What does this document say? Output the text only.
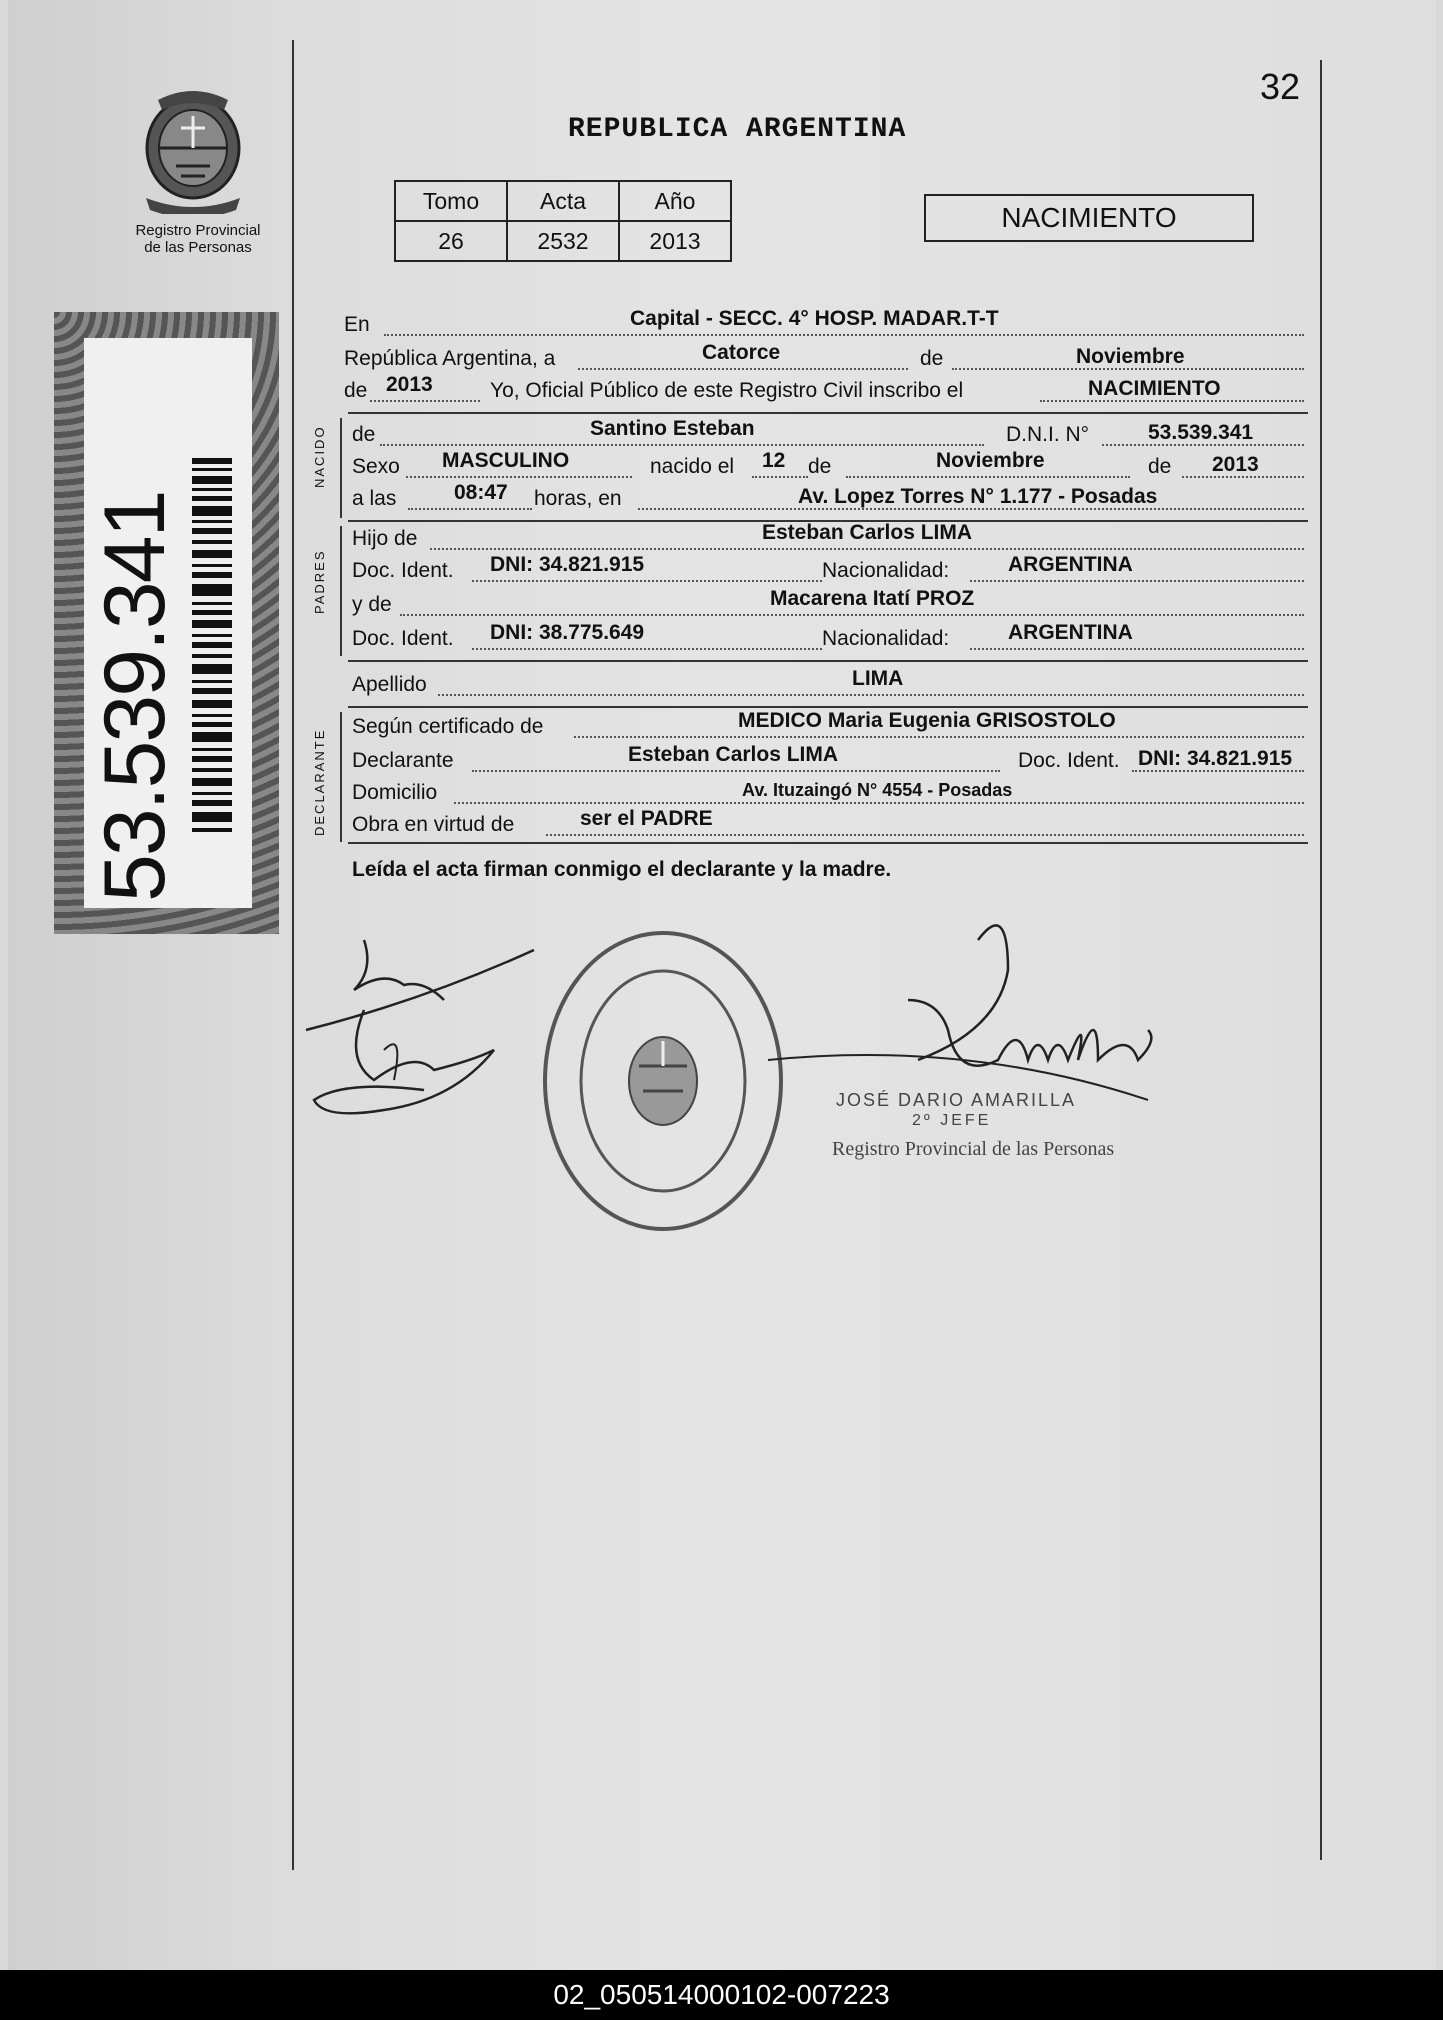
Registro Provincial
de las Personas
53.539.341
32
REPUBLICA ARGENTINA
Tomo	Acta	Año
26	2532	2013
NACIMIENTO
En	Capital - SECC. 4° HOSP. MADAR.T-T
República Argentina, a	Catorce	de	Noviembre
de 2013	Yo, Oficial Público de este Registro Civil inscribo el	NACIMIENTO
NACIDO de	Santino Esteban	D.N.I. N°	53.539.341
Sexo MASCULINO	nacido el 12 de	Noviembre	de 2013
a las	08:47 horas, en	Av. Lopez Torres N° 1.177 - Posadas
PADRES
Hijo de	Esteban Carlos LIMA
Doc. Ident. DNI: 34.821.915	Nacionalidad:	ARGENTINA
y de	Macarena Itatí PROZ
Doc. Ident. DNI: 38.775.649	Nacionalidad:	ARGENTINA
Apellido	LIMA
DECLARANTE
Según certificado de	MEDICO Maria Eugenia GRISOSTOLO
Declarante	Esteban Carlos LIMA	Doc. Ident. DNI: 34.821.915
Domicilio	Av. Ituzaingó N° 4554 - Posadas
Obra en virtud de	ser el PADRE
Leída el acta firman conmigo el declarante y la madre.
JOSÉ DARIO AMARILLA
2º JEFE
Registro Provincial de las Personas
02_050514000102-007223
